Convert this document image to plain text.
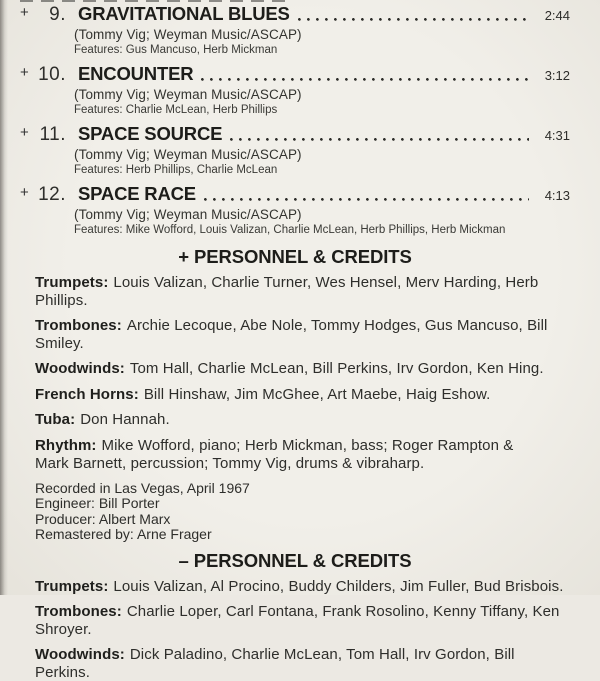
+	9. GRAVITATIONAL BLUES	2:44
(Tommy Vig; Weyman Music/ASCAP)
Features: Gus Mancuso, Herb Mickman
+ 10. ENCOUNTER	3:12
(Tommy Vig; Weyman Music/ASCAP)
Features: Charlie McLean, Herb Phillips
+ 11. SPACE SOURCE	4:31
(Tommy Vig; Weyman Music/ASCAP)
Features: Herb Phillips, Charlie McLean
+ 12. SPACE RACE	4:13
(Tommy Vig; Weyman Music/ASCAP)
Features: Mike Wofford, Louis Valizan, Charlie McLean, Herb Phillips, Herb Mickman
+ PERSONNEL & CREDITS
Trumpets: Louis Valizan, Charlie Turner, Wes Hensel, Merv Harding, Herb Phillips.
Trombones: Archie Lecoque, Abe Nole, Tommy Hodges, Gus Mancuso, Bill Smiley.
Woodwinds: Tom Hall, Charlie McLean, Bill Perkins, Irv Gordon, Ken Hing.
French Horns: Bill Hinshaw, Jim McGhee, Art Maebe, Haig Eshow.
Tuba: Don Hannah.
Rhythm: Mike Wofford, piano; Herb Mickman, bass; Roger Rampton &
Mark Barnett, percussion; Tommy Vig, drums & vibraharp.
Recorded in Las Vegas, April 1967
Engineer: Bill Porter
Producer: Albert Marx
Remastered by: Arne Frager
– PERSONNEL & CREDITS
Trumpets: Louis Valizan, Al Procino, Buddy Childers, Jim Fuller, Bud Brisbois.
Trombones: Charlie Loper, Carl Fontana, Frank Rosolino, Kenny Tiffany, Ken Shroyer.
Woodwinds: Dick Paladino, Charlie McLean, Tom Hall, Irv Gordon, Bill Perkins.
